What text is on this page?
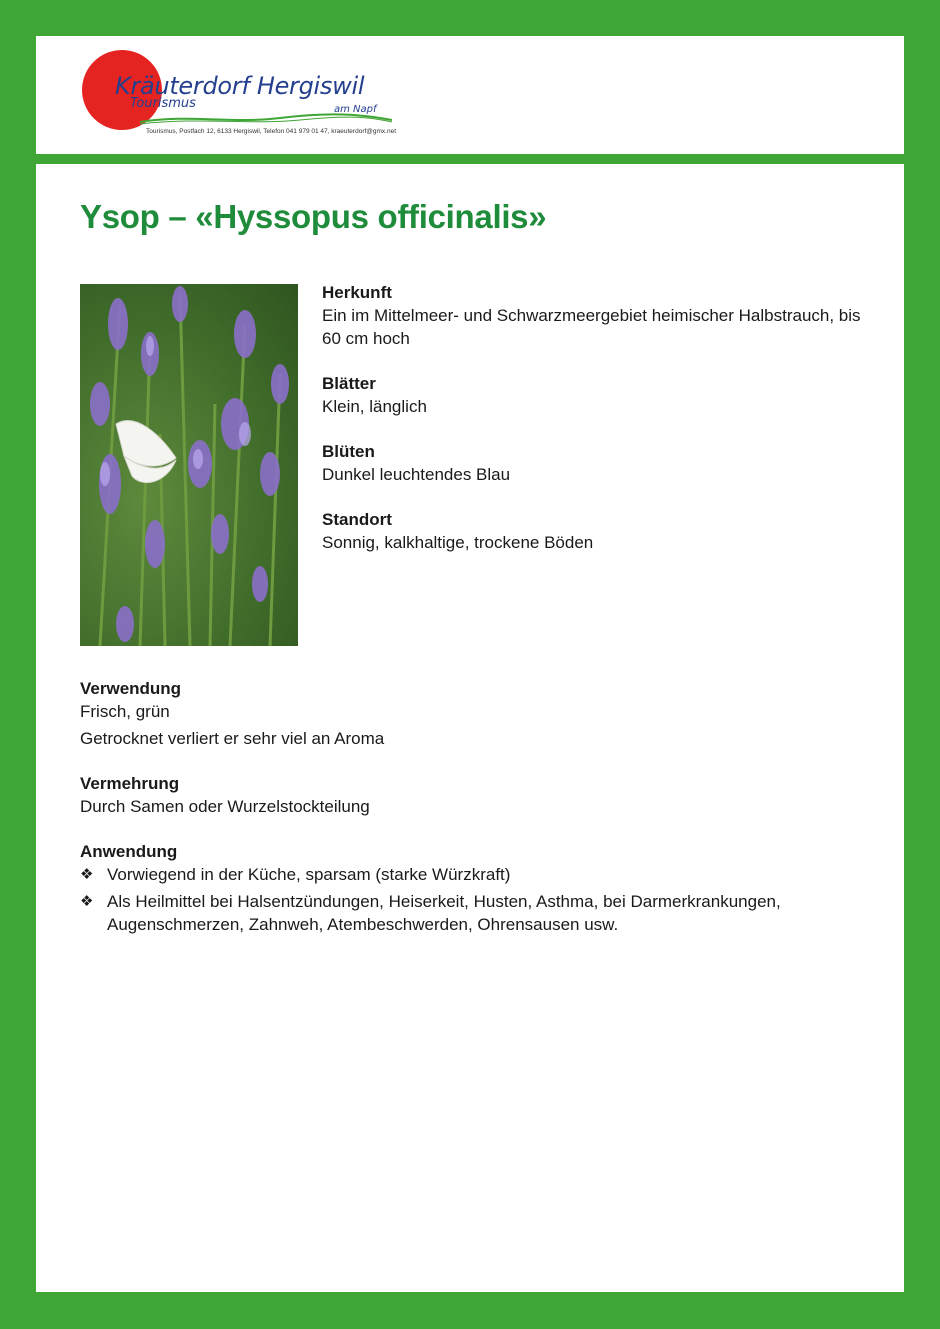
Kräuterdorf Hergiswil
Tourismus	am Napf
Tourismus, Postfach 12, 6133 Hergiswil, Telefon 041 979 01 47, kraeuterdorf@gmx.net
Ysop – «Hyssopus officinalis»
Herkunft
Ein im Mittelmeer- und Schwarzmeergebiet heimischer Halbstrauch, bis 60 cm hoch
Blätter
Klein, länglich
Blüten
Dunkel leuchtendes Blau
Standort
Sonnig, kalkhaltige, trockene Böden
Verwendung
Frisch, grün
Getrocknet verliert er sehr viel an Aroma
Vermehrung
Durch Samen oder Wurzelstockteilung
Anwendung
❖ Vorwiegend in der Küche, sparsam (starke Würzkraft)
❖ Als Heilmittel bei Halsentzündungen, Heiserkeit, Husten, Asthma, bei Darmerkrankungen, Augenschmerzen, Zahnweh, Atembeschwerden, Ohrensausen usw.
